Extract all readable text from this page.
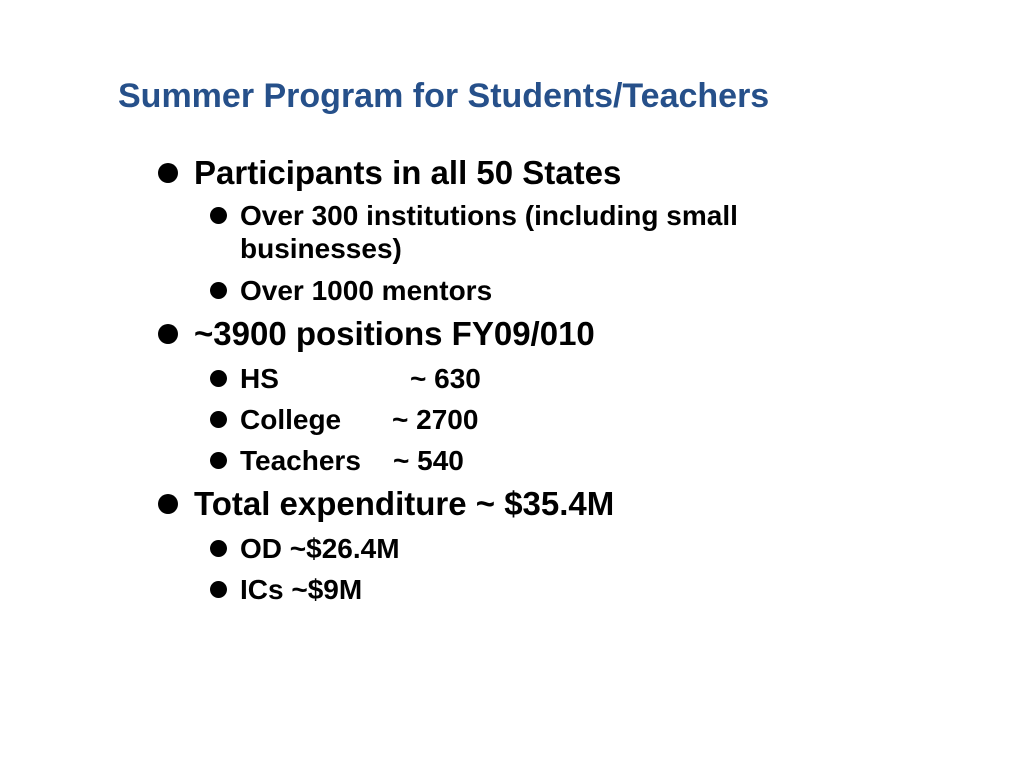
Summer Program for Students/Teachers
Participants in all 50 States
Over 300 institutions (including small
businesses)
Over 1000 mentors
~3900 positions FY09/010
HS	~ 630
College ~ 2700
Teachers ~ 540
Total expenditure ~ $35.4M
OD ~$26.4M
ICs ~$9M
